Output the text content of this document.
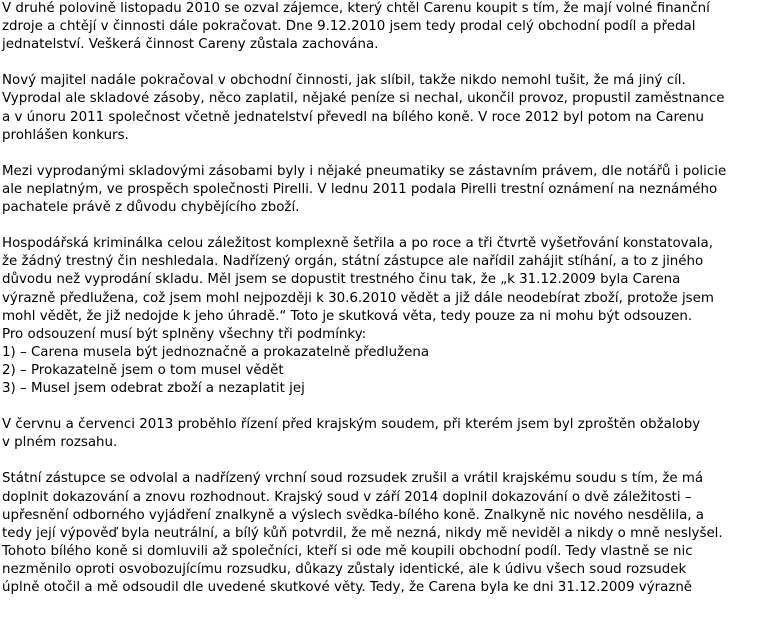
V druhé polovině listopadu 2010 se ozval zájemce, který chtěl Carenu koupit s tím, že mají volné finanční
zdroje a chtějí v činnosti dále pokračovat. Dne 9.12.2010 jsem tedy prodal celý obchodní podíl a předal
jednatelství. Veškerá činnost Careny zůstala zachována.
Nový majitel nadále pokračoval v obchodní činnosti, jak slíbil, takže nikdo nemohl tušit, že má jiný cíl.
Vyprodal ale skladové zásoby, něco zaplatil, nějaké peníze si nechal, ukončil provoz, propustil zaměstnance
a v únoru 2011 společnost včetně jednatelství převedl na bílého koně. V roce 2012 byl potom na Carenu
prohlášen konkurs.
Mezi vyprodanými skladovými zásobami byly i nějaké pneumatiky se zástavním právem, dle notářů i policie
ale neplatným, ve prospěch společnosti Pirelli. V lednu 2011 podala Pirelli trestní oznámení na neznámého
pachatele právě z důvodu chybějícího zboží.
Hospodářská kriminálka celou záležitost komplexně šetřila a po roce a tři čtvrtě vyšetřování konstatovala,
že žádný trestný čin neshledala. Nadřízený orgán, státní zástupce ale nařídil zahájit stíhání, a to z jiného
důvodu než vyprodání skladu. Měl jsem se dopustit trestného činu tak, že „k 31.12.2009 byla Carena
výrazně předlužena, což jsem mohl nejpozději k 30.6.2010 vědět a již dále neodebírat zboží, protože jsem
mohl vědět, že již nedojde k jeho úhradě.“ Toto je skutková věta, tedy pouze za ni mohu být odsouzen.
Pro odsouzení musí být splněny všechny tři podmínky:
1) – Carena musela být jednoznačně a prokazatelně předlužena
2) – Prokazatelně jsem o tom musel vědět
3) – Musel jsem odebrat zboží a nezaplatit jej
V červnu a červenci 2013 proběhlo řízení před krajským soudem, při kterém jsem byl zproštěn obžaloby
v plném rozsahu.
Státní zástupce se odvolal a nadřízený vrchní soud rozsudek zrušil a vrátil krajskému soudu s tím, že má
doplnit dokazování a znovu rozhodnout. Krajský soud v září 2014 doplnil dokazování o dvě záležitosti –
upřesnění odborného vyjádření znalkyně a výslech svědka-bílého koně. Znalkyně nic nového nesdělila, a
tedy její výpověď byla neutrální, a bílý kůň potvrdil, že mě nezná, nikdy mě neviděl a nikdy o mně neslyšel.
Tohoto bílého koně si domluvili až společníci, kteří si ode mě koupili obchodní podíl. Tedy vlastně se nic
nezměnilo oproti osvobozujícímu rozsudku, důkazy zůstaly identické, ale k údivu všech soud rozsudek
úplně otočil a mě odsoudil dle uvedené skutkové věty. Tedy, že Carena byla ke dni 31.12.2009 výrazně
